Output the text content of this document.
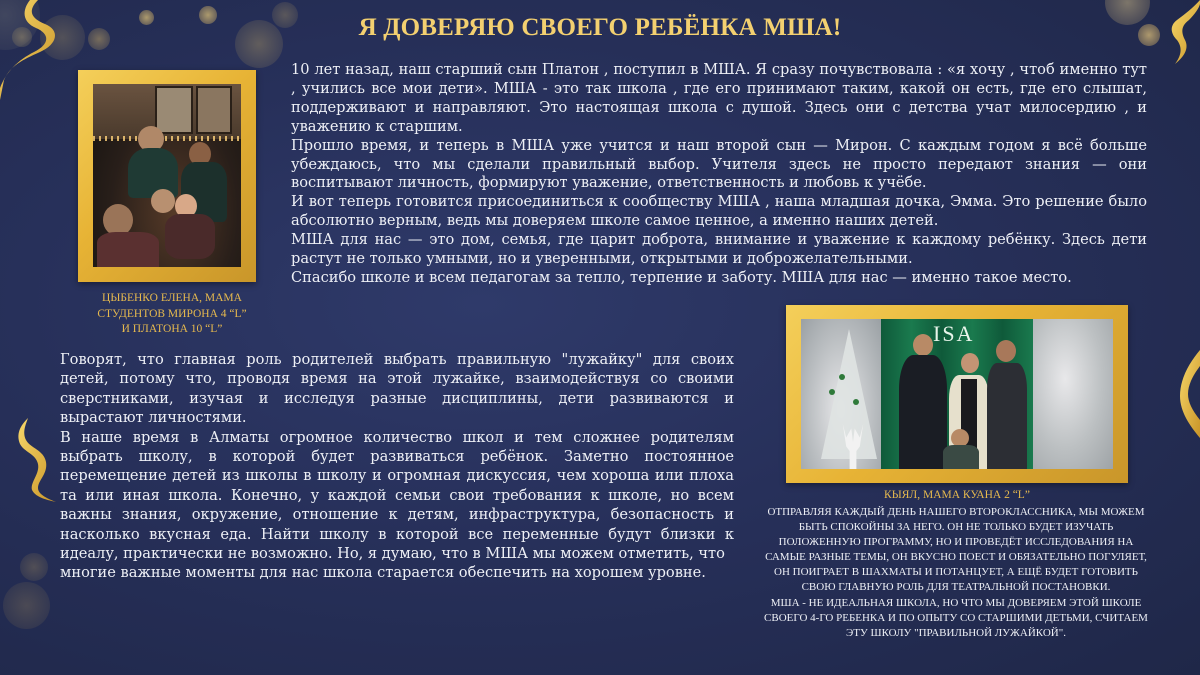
Я ДОВЕРЯЮ СВОЕГО РЕБЁНКА МША!
ЦЫБЕНКО ЕЛЕНА, МАМА
СТУДЕНТОВ МИРОНА 4 “L”
И ПЛАТОНА 10 “L”

10 лет назад, наш старший сын Платон , поступил в МША. Я сразу почувствовала : «я хочу , чтоб именно тут , учились все мои дети». МША - это так школа , где его принимают таким, какой он есть, где его слышат, поддерживают и направляют. Это настоящая школа с душой. Здесь они с детства учат милосердию , и уважению к старшим.

Прошло время, и теперь в МША уже учится и наш второй сын — Мирон. С каждым годом я всё больше убеждаюсь, что мы сделали правильный выбор. Учителя здесь не просто передают знания — они воспитывают личность, формируют уважение, ответственность и любовь к учёбе.

И вот теперь готовится присоединиться к сообществу МША , наша младшая дочка, Эмма. Это решение было абсолютно верным, ведь мы доверяем школе самое ценное, а именно наших детей.

МША для нас — это дом, семья, где царит доброта, внимание и уважение к каждому ребёнку. Здесь дети растут не только умными, но и уверенными, открытыми и доброжелательными.

Спасибо школе и всем педагогам за тепло, терпение и заботу. МША для нас — именно такое место.

Говорят, что главная роль родителей выбрать правильную "лужайку" для своих детей, потому что, проводя время на этой лужайке, взаимодействуя со своими сверстниками, изучая и исследуя разные дисциплины, дети развиваются и вырастают личностями.

В наше время в Алматы огромное количество школ и тем сложнее родителям выбрать школу, в которой будет развиваться ребёнок. Заметно постоянное перемещение детей из школы в школу и огромная дискуссия, чем хороша или плоха та или иная школа. Конечно, у каждой семьи свои требования к школе, но всем важны знания, окружение, отношение к детям, инфраструктура, безопасность и насколько вкусная еда. Найти школу в которой все переменные будут близки к идеалу, практически не возможно. Но, я думаю, что в МША мы можем отметить, что

многие важные моменты для нас школа старается обеспечить на хорошем уровне.

ISA
КЫЯЛ, МАМА КУАНА 2 “L”
ОТПРАВЛЯЯ КАЖДЫЙ ДЕНЬ НАШЕГО ВТОРОКЛАССНИКА, МЫ МОЖЕМ
БЫТЬ СПОКОЙНЫ ЗА НЕГО. ОН НЕ ТОЛЬКО БУДЕТ ИЗУЧАТЬ
ПОЛОЖЕННУЮ ПРОГРАММУ, НО И ПРОВЕДЁТ ИССЛЕДОВАНИЯ НА
САМЫЕ РАЗНЫЕ ТЕМЫ, ОН ВКУСНО ПОЕСТ И ОБЯЗАТЕЛЬНО ПОГУЛЯЕТ,
ОН ПОИГРАЕТ В ШАХМАТЫ И ПОТАНЦУЕТ, А ЕЩЁ БУДЕТ ГОТОВИТЬ
СВОЮ ГЛАВНУЮ РОЛЬ ДЛЯ ТЕАТРАЛЬНОЙ ПОСТАНОВКИ.
МША - НЕ ИДЕАЛЬНАЯ ШКОЛА, НО ЧТО МЫ ДОВЕРЯЕМ ЭТОЙ ШКОЛЕ
СВОЕГО 4-ГО РЕБЕНКА И ПО ОПЫТУ СО СТАРШИМИ ДЕТЬМИ, СЧИТАЕМ
ЭТУ ШКОЛУ "ПРАВИЛЬНОЙ ЛУЖАЙКОЙ".
